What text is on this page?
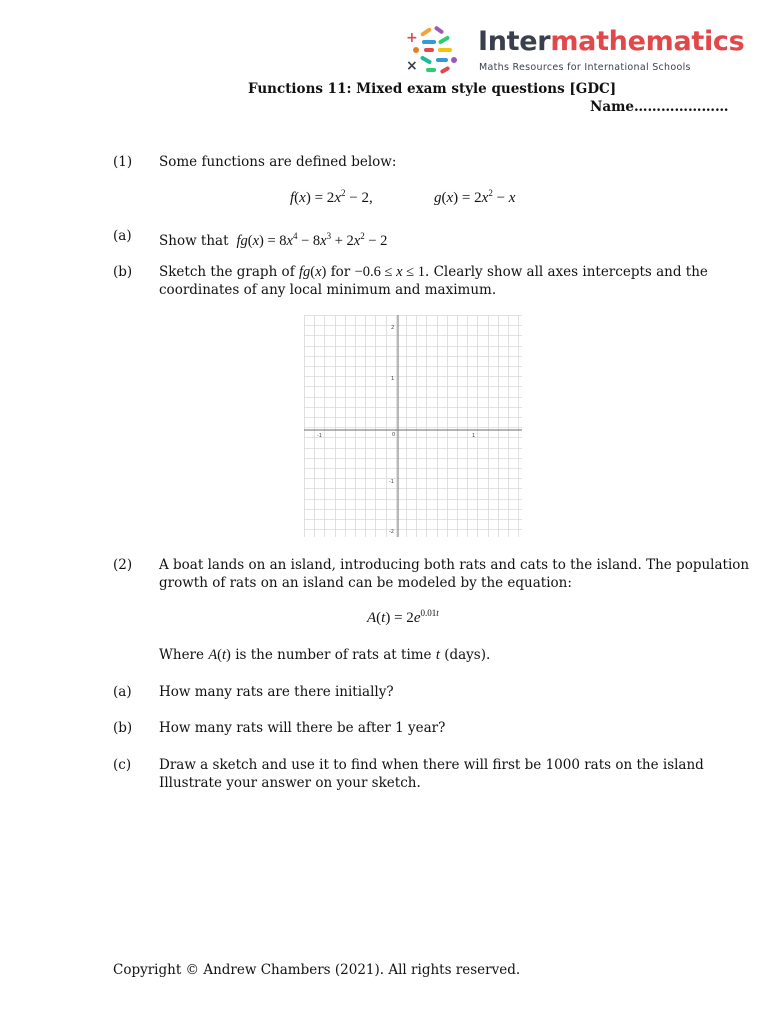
+
×
Intermathematics
Maths Resources for International Schools
Functions 11: Mixed exam style questions [GDC]
Name…………………
(1) Some functions are defined below:
$f(x) = 2x^2 - 2$,	$g(x) = 2x^2 - x$
(a) Show that $fg(x) = 8x^4 - 8x^3 + 2x^2 - 2$
(b) Sketch the graph of fg(x) for −0.6 ≤ x ≤ 1. Clearly show all axes intercepts and the
coordinates of any local minimum and maximum.
-1	0	1
2
1
-1
-2
(2) A boat lands on an island, introducing both rats and cats to the island. The population
growth of rats on an island can be modeled by the equation:
$A(t) = 2e^{0.01t}$
Where A(t) is the number of rats at time t (days).
(a) How many rats are there initially?
(b) How many rats will there be after 1 year?
(c) Draw a sketch and use it to find when there will first be 1000 rats on the island
Illustrate your answer on your sketch.
Copyright © Andrew Chambers (2021). All rights reserved.
